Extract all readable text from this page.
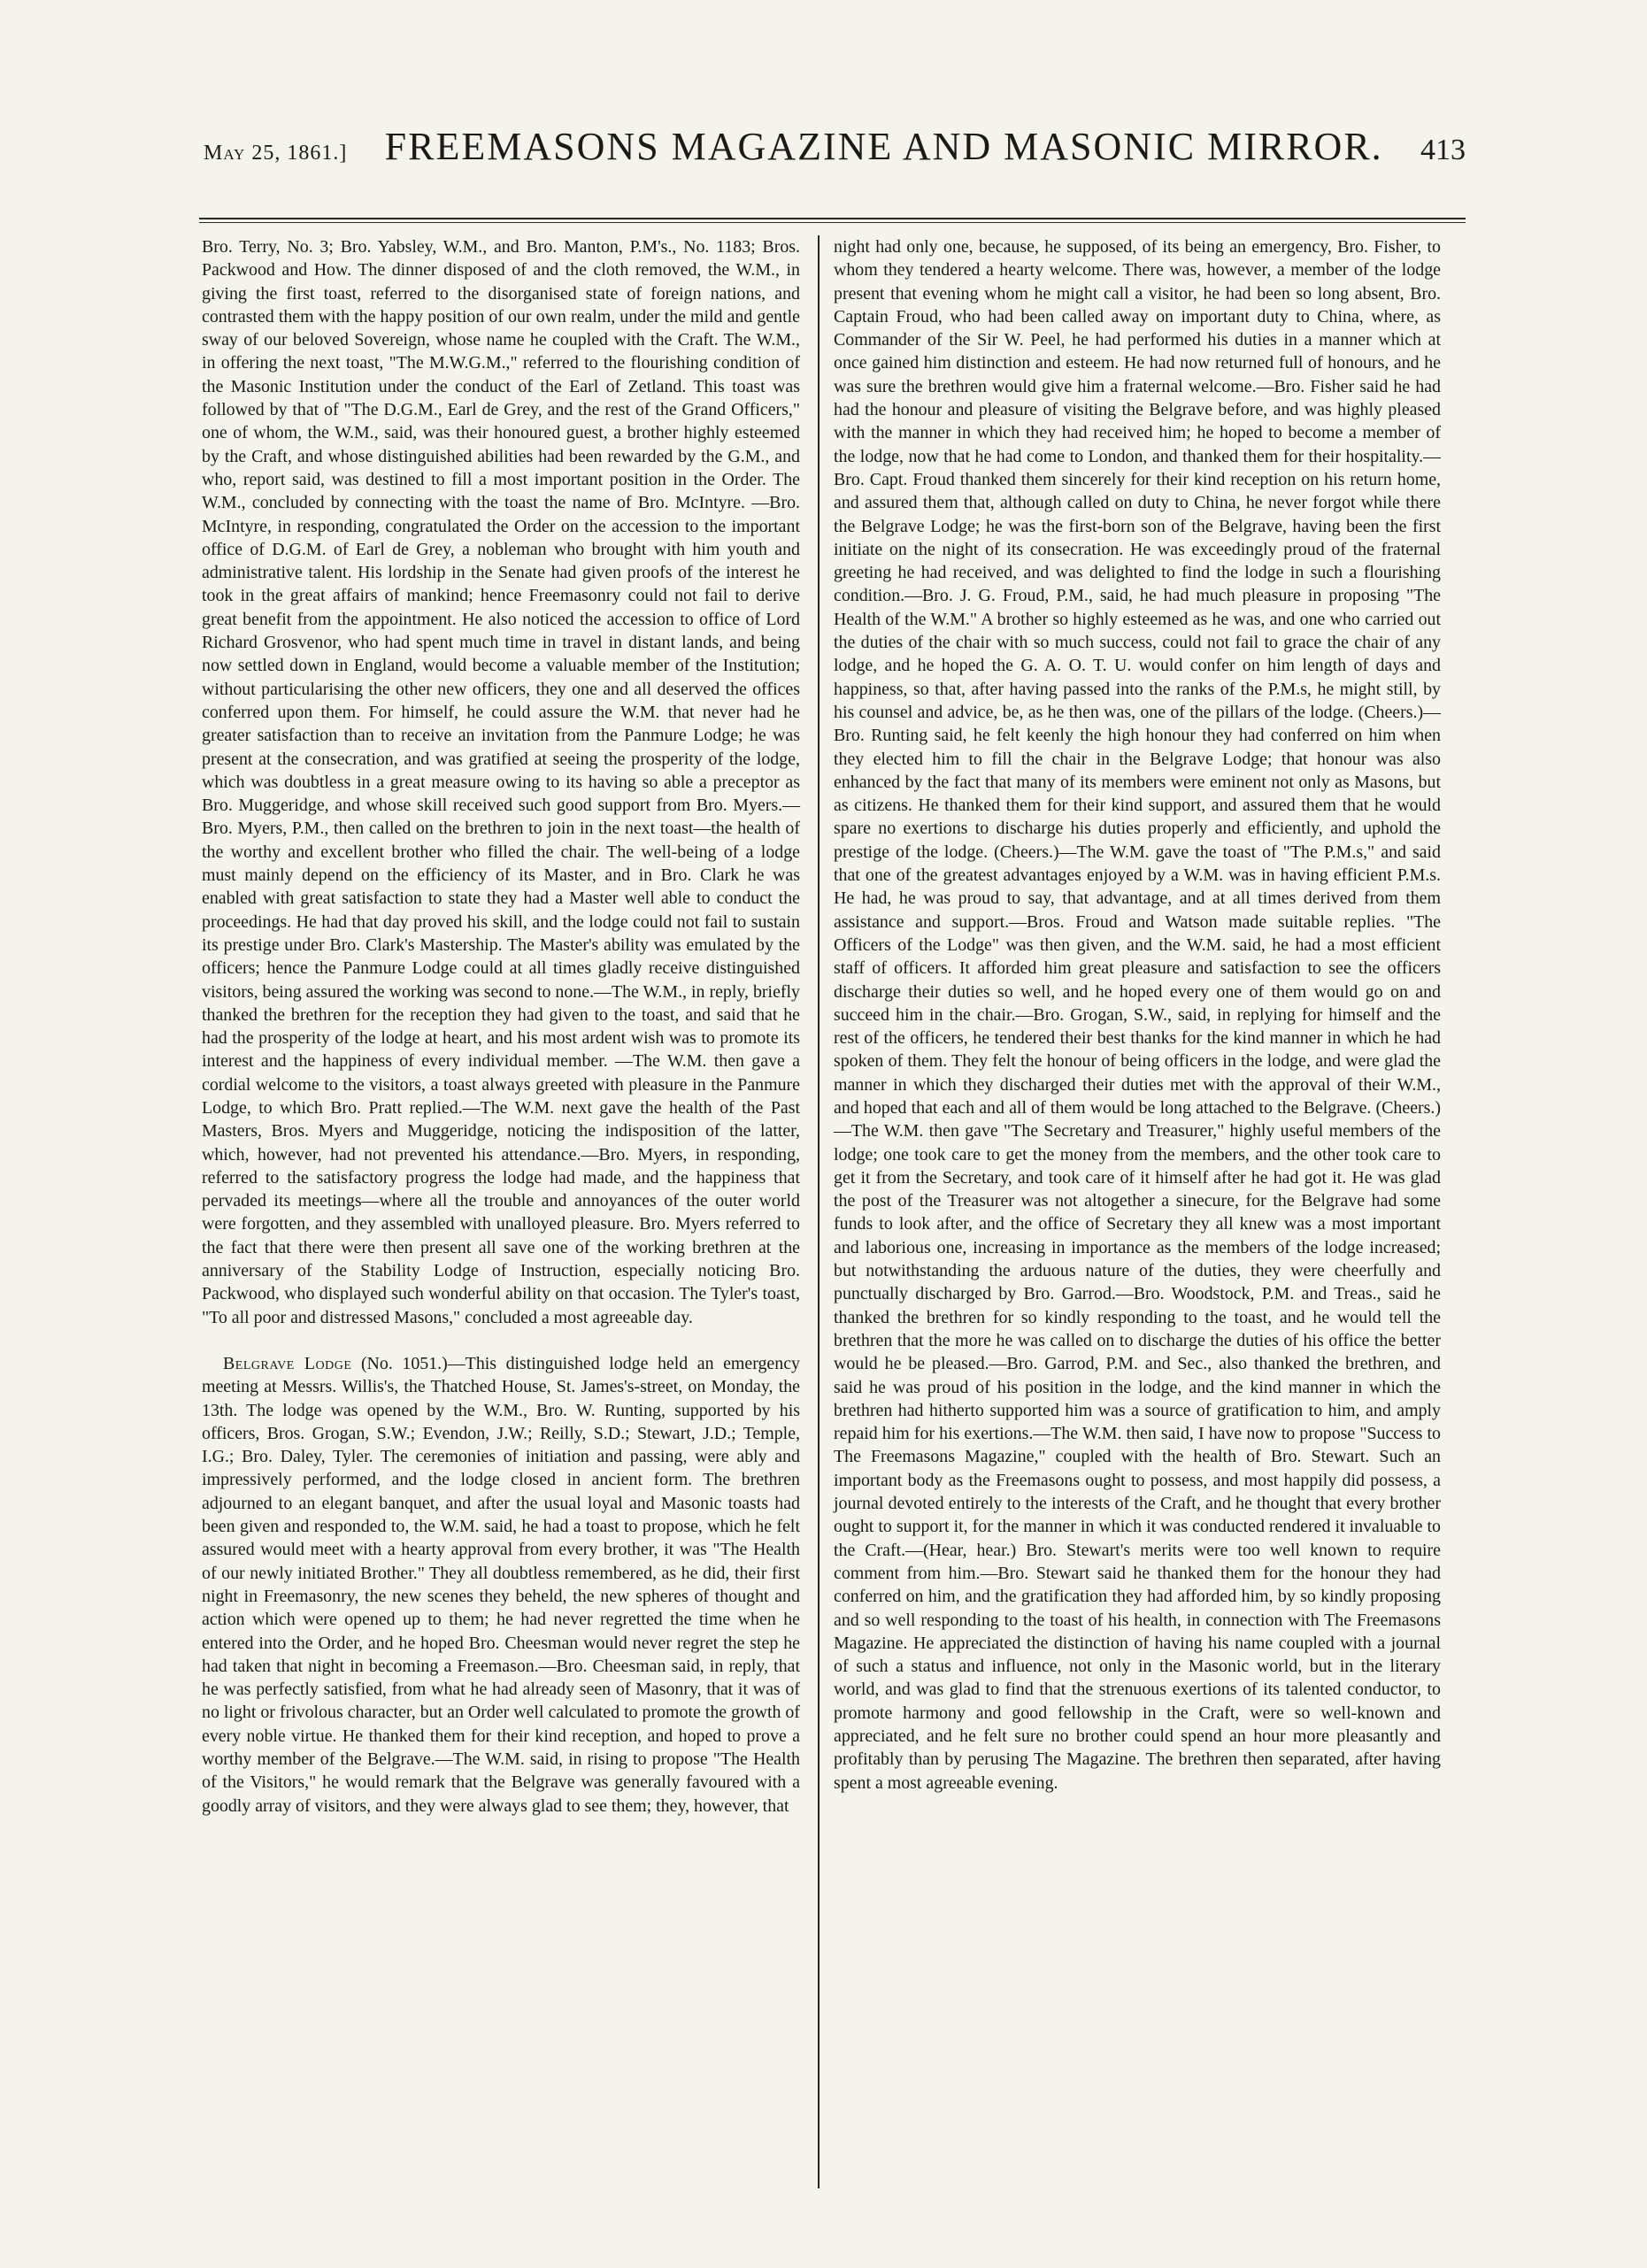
May 25, 1861.] FREEMASONS MAGAZINE AND MASONIC MIRROR. 413

Bro. Terry, No. 3; Bro. Yabsley, W.M., and Bro. Manton, P.M's., No. 1183; Bros. Packwood and How. The dinner disposed of and the cloth removed, the W.M., in giving the first toast, referred to the disorganised state of foreign nations, and contrasted them with the happy position of our own realm, under the mild and gentle sway of our beloved Sovereign, whose name he coupled with the Craft. The W.M., in offering the next toast, "The M.W.G.M.," referred to the flourishing condition of the Masonic Institution under the conduct of the Earl of Zetland. This toast was followed by that of "The D.G.M., Earl de Grey, and the rest of the Grand Officers," one of whom, the W.M., said, was their honoured guest, a brother highly esteemed by the Craft, and whose distinguished abilities had been rewarded by the G.M., and who, report said, was destined to fill a most important position in the Order. The W.M., concluded by connecting with the toast the name of Bro. McIntyre. —Bro. McIntyre, in responding, congratulated the Order on the accession to the important office of D.G.M. of Earl de Grey, a nobleman who brought with him youth and administrative talent. His lordship in the Senate had given proofs of the interest he took in the great affairs of mankind; hence Freemasonry could not fail to derive great benefit from the appointment. He also noticed the accession to office of Lord Richard Grosvenor, who had spent much time in travel in distant lands, and being now settled down in England, would become a valuable member of the Institution; without particularising the other new officers, they one and all deserved the offices conferred upon them. For himself, he could assure the W.M. that never had he greater satisfaction than to receive an invitation from the Panmure Lodge; he was present at the consecration, and was gratified at seeing the prosperity of the lodge, which was doubtless in a great measure owing to its having so able a preceptor as Bro. Muggeridge, and whose skill received such good support from Bro. Myers.—Bro. Myers, P.M., then called on the brethren to join in the next toast—the health of the worthy and excellent brother who filled the chair. The well-being of a lodge must mainly depend on the efficiency of its Master, and in Bro. Clark he was enabled with great satisfaction to state they had a Master well able to conduct the proceedings. He had that day proved his skill, and the lodge could not fail to sustain its prestige under Bro. Clark's Mastership. The Master's ability was emulated by the officers; hence the Panmure Lodge could at all times gladly receive distinguished visitors, being assured the working was second to none.—The W.M., in reply, briefly thanked the brethren for the reception they had given to the toast, and said that he had the prosperity of the lodge at heart, and his most ardent wish was to promote its interest and the happiness of every individual member. —The W.M. then gave a cordial welcome to the visitors, a toast always greeted with pleasure in the Panmure Lodge, to which Bro. Pratt replied.—The W.M. next gave the health of the Past Masters, Bros. Myers and Muggeridge, noticing the indisposition of the latter, which, however, had not prevented his attendance.—Bro. Myers, in responding, referred to the satisfactory progress the lodge had made, and the happiness that pervaded its meetings—where all the trouble and annoyances of the outer world were forgotten, and they assembled with unalloyed pleasure. Bro. Myers referred to the fact that there were then present all save one of the working brethren at the anniversary of the Stability Lodge of Instruction, especially noticing Bro. Packwood, who displayed such wonderful ability on that occasion. The Tyler's toast, "To all poor and distressed Masons," concluded a most agreeable day.

Belgrave Lodge (No. 1051.)—This distinguished lodge held an emergency meeting at Messrs. Willis's, the Thatched House, St. James's-street, on Monday, the 13th. The lodge was opened by the W.M., Bro. W. Runting, supported by his officers, Bros. Grogan, S.W.; Evendon, J.W.; Reilly, S.D.; Stewart, J.D.; Temple, I.G.; Bro. Daley, Tyler. The ceremonies of initiation and passing, were ably and impressively performed, and the lodge closed in ancient form. The brethren adjourned to an elegant banquet, and after the usual loyal and Masonic toasts had been given and responded to, the W.M. said, he had a toast to propose, which he felt assured would meet with a hearty approval from every brother, it was "The Health of our newly initiated Brother." They all doubtless remembered, as he did, their first night in Freemasonry, the new scenes they beheld, the new spheres of thought and action which were opened up to them; he had never regretted the time when he entered into the Order, and he hoped Bro. Cheesman would never regret the step he had taken that night in becoming a Freemason.—Bro. Cheesman said, in reply, that he was perfectly satisfied, from what he had already seen of Masonry, that it was of no light or frivolous character, but an Order well calculated to promote the growth of every noble virtue. He thanked them for their kind reception, and hoped to prove a worthy member of the Belgrave.—The W.M. said, in rising to propose "The Health of the Visitors," he would remark that the Belgrave was generally favoured with a goodly array of visitors, and they were always glad to see them; they, however, that

night had only one, because, he supposed, of its being an emergency, Bro. Fisher, to whom they tendered a hearty welcome. There was, however, a member of the lodge present that evening whom he might call a visitor, he had been so long absent, Bro. Captain Froud, who had been called away on important duty to China, where, as Commander of the Sir W. Peel, he had performed his duties in a manner which at once gained him distinction and esteem. He had now returned full of honours, and he was sure the brethren would give him a fraternal welcome.—Bro. Fisher said he had had the honour and pleasure of visiting the Belgrave before, and was highly pleased with the manner in which they had received him; he hoped to become a member of the lodge, now that he had come to London, and thanked them for their hospitality.—Bro. Capt. Froud thanked them sincerely for their kind reception on his return home, and assured them that, although called on duty to China, he never forgot while there the Belgrave Lodge; he was the first-born son of the Belgrave, having been the first initiate on the night of its consecration. He was exceedingly proud of the fraternal greeting he had received, and was delighted to find the lodge in such a flourishing condition.—Bro. J. G. Froud, P.M., said, he had much pleasure in proposing "The Health of the W.M." A brother so highly esteemed as he was, and one who carried out the duties of the chair with so much success, could not fail to grace the chair of any lodge, and he hoped the G. A. O. T. U. would confer on him length of days and happiness, so that, after having passed into the ranks of the P.M.s, he might still, by his counsel and advice, be, as he then was, one of the pillars of the lodge. (Cheers.)—Bro. Runting said, he felt keenly the high honour they had conferred on him when they elected him to fill the chair in the Belgrave Lodge; that honour was also enhanced by the fact that many of its members were eminent not only as Masons, but as citizens. He thanked them for their kind support, and assured them that he would spare no exertions to discharge his duties properly and efficiently, and uphold the prestige of the lodge. (Cheers.)—The W.M. gave the toast of "The P.M.s," and said that one of the greatest advantages enjoyed by a W.M. was in having efficient P.M.s. He had, he was proud to say, that advantage, and at all times derived from them assistance and support.—Bros. Froud and Watson made suitable replies. "The Officers of the Lodge" was then given, and the W.M. said, he had a most efficient staff of officers. It afforded him great pleasure and satisfaction to see the officers discharge their duties so well, and he hoped every one of them would go on and succeed him in the chair.—Bro. Grogan, S.W., said, in replying for himself and the rest of the officers, he tendered their best thanks for the kind manner in which he had spoken of them. They felt the honour of being officers in the lodge, and were glad the manner in which they discharged their duties met with the approval of their W.M., and hoped that each and all of them would be long attached to the Belgrave. (Cheers.)—The W.M. then gave "The Secretary and Treasurer," highly useful members of the lodge; one took care to get the money from the members, and the other took care to get it from the Secretary, and took care of it himself after he had got it. He was glad the post of the Treasurer was not altogether a sinecure, for the Belgrave had some funds to look after, and the office of Secretary they all knew was a most important and laborious one, increasing in importance as the members of the lodge increased; but notwithstanding the arduous nature of the duties, they were cheerfully and punctually discharged by Bro. Garrod.—Bro. Woodstock, P.M. and Treas., said he thanked the brethren for so kindly responding to the toast, and he would tell the brethren that the more he was called on to discharge the duties of his office the better would he be pleased.—Bro. Garrod, P.M. and Sec., also thanked the brethren, and said he was proud of his position in the lodge, and the kind manner in which the brethren had hitherto supported him was a source of gratification to him, and amply repaid him for his exertions.—The W.M. then said, I have now to propose "Success to The Freemasons Magazine," coupled with the health of Bro. Stewart. Such an important body as the Freemasons ought to possess, and most happily did possess, a journal devoted entirely to the interests of the Craft, and he thought that every brother ought to support it, for the manner in which it was conducted rendered it invaluable to the Craft.—(Hear, hear.) Bro. Stewart's merits were too well known to require comment from him.—Bro. Stewart said he thanked them for the honour they had conferred on him, and the gratification they had afforded him, by so kindly proposing and so well responding to the toast of his health, in connection with The Freemasons Magazine. He appreciated the distinction of having his name coupled with a journal of such a status and influence, not only in the Masonic world, but in the literary world, and was glad to find that the strenuous exertions of its talented conductor, to promote harmony and good fellowship in the Craft, were so well-known and appreciated, and he felt sure no brother could spend an hour more pleasantly and profitably than by perusing The Magazine. The brethren then separated, after having spent a most agreeable evening.
